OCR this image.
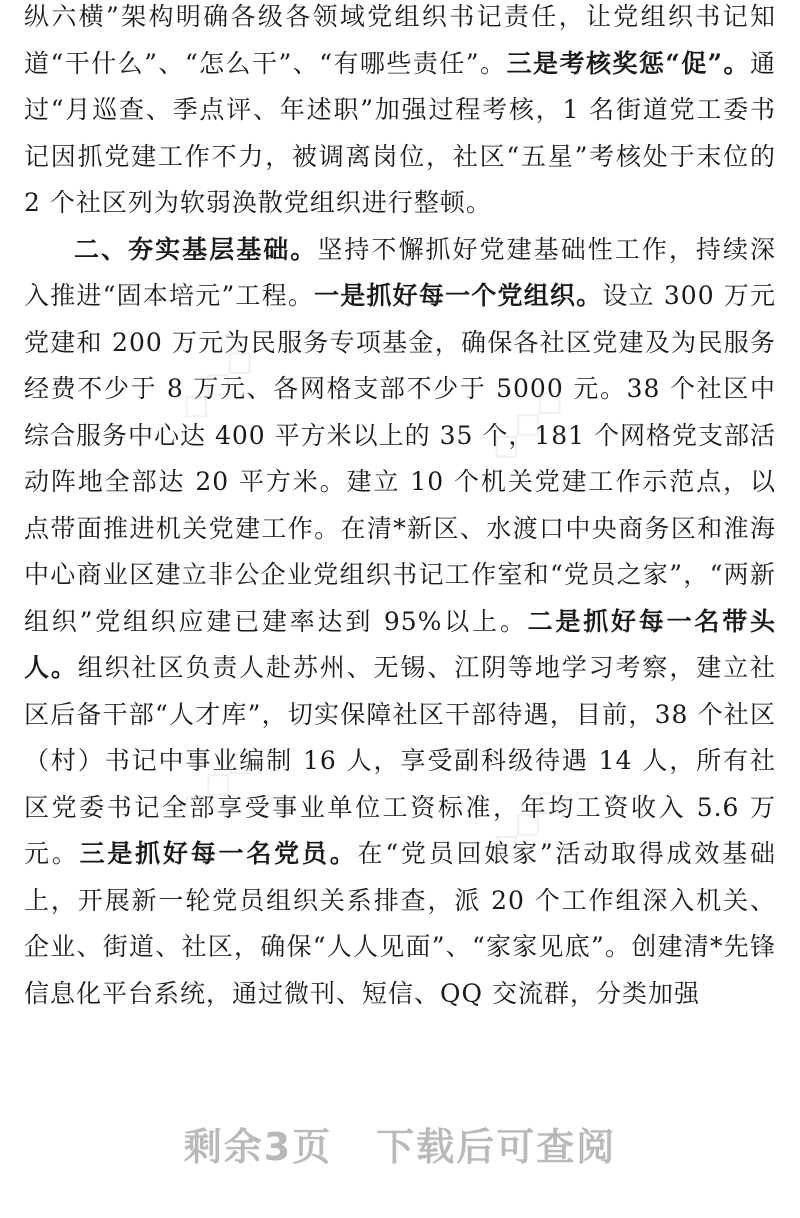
纵六横”架构明确各级各领域党组织书记责任，让党组织书记知道“干什么”、“怎么干”、“有哪些责任”。三是考核奖惩“促”。通过“月巡查、季点评、年述职”加强过程考核，1 名街道党工委书记因抓党建工作不力，被调离岗位，社区“五星”考核处于末位的 2 个社区列为软弱涣散党组织进行整顿。

二、夯实基层基础。坚持不懈抓好党建基础性工作，持续深入推进“固本培元”工程。一是抓好每一个党组织。设立 300 万元党建和 200 万元为民服务专项基金，确保各社区党建及为民服务经费不少于 8 万元、各网格支部不少于 5000 元。38 个社区中综合服务中心达 400 平方米以上的 35 个，181 个网格党支部活动阵地全部达 20 平方米。建立 10 个机关党建工作示范点，以点带面推进机关党建工作。在清*新区、水渡口中央商务区和淮海中心商业区建立非公企业党组织书记工作室和“党员之家”，“两新组织”党组织应建已建率达到 95%以上。二是抓好每一名带头人。组织社区负责人赴苏州、无锡、江阴等地学习考察，建立社区后备干部“人才库”，切实保障社区干部待遇，目前，38 个社区（村）书记中事业编制 16 人，享受副科级待遇 14 人，所有社区党委书记全部享受事业单位工资标准，年均工资收入 5.6 万元。三是抓好每一名党员。在“党员回娘家”活动取得成效基础上，开展新一轮党员组织关系排查，派 20 个工作组深入机关、企业、街道、社区，确保“人人见面”、“家家见底”。创建清*先锋信息化平台系统，通过微刊、短信、QQ 交流群，分类加强

◇◇◇	◇◇◇
◇◇◇	◇◇◇
剩余3页 下载后可查阅
